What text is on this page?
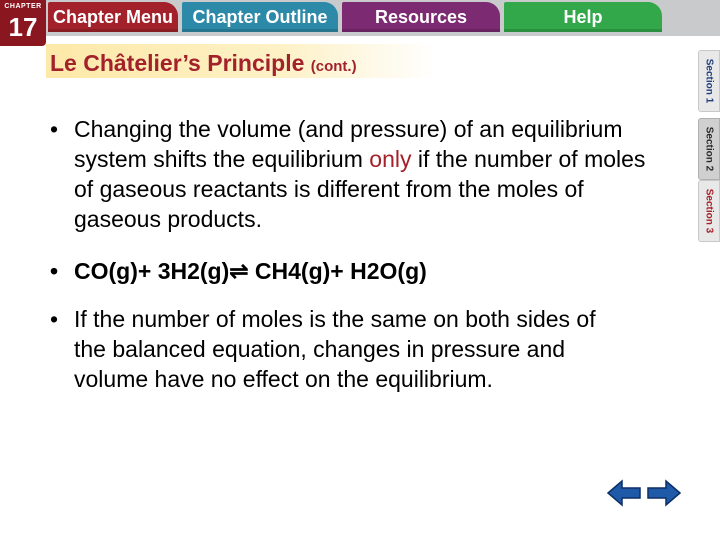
CHAPTER
17 Chapter Menu	Chapter Outline	Resources	Help
Section 1
Section 2
Section 3
Le Châtelier’s Principle (cont.)
• Changing the volume (and pressure) of an equilibrium system shifts the equilibrium only if the number of moles of gaseous reactants is different from the moles of gaseous products.
• CO(g)+ 3H2(g)⇌ CH4(g)+ H2O(g)
• If the number of moles is the same on both sides of the balanced equation, changes in pressure and volume have no effect on the equilibrium.
